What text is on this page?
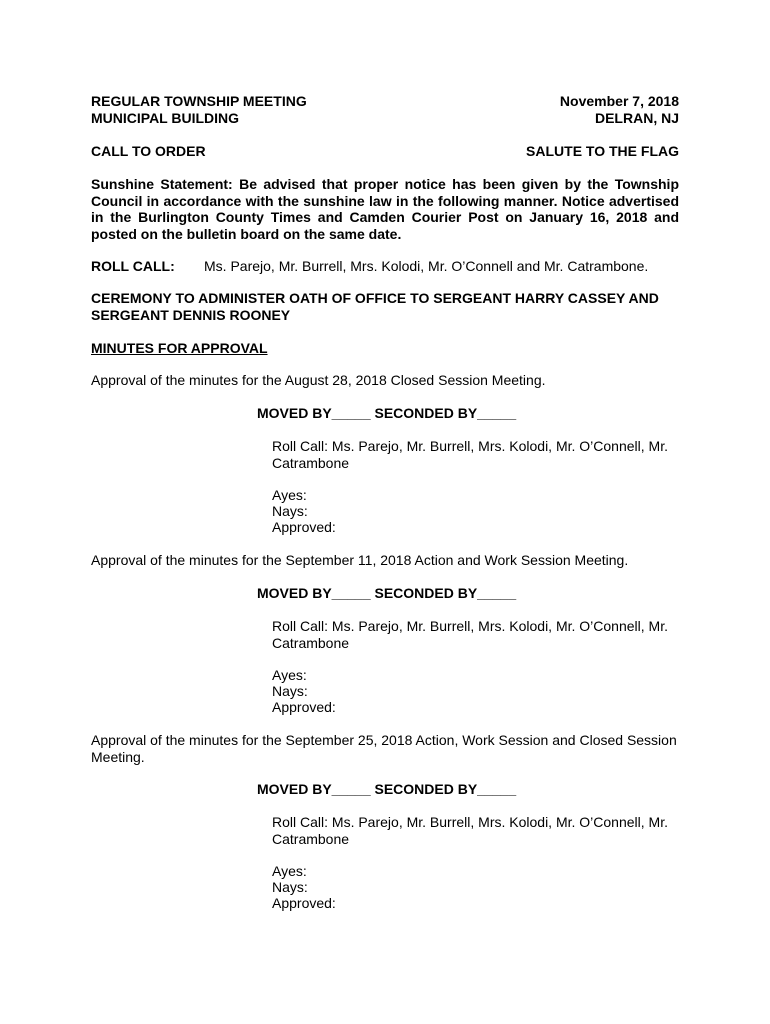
REGULAR TOWNSHIP MEETING	November 7, 2018
MUNICIPAL BUILDING	DELRAN, NJ
CALL TO ORDER	SALUTE TO THE FLAG
Sunshine Statement: Be advised that proper notice has been given by the Township Council in accordance with the sunshine law in the following manner. Notice advertised in the Burlington County Times and Camden Courier Post on January 16, 2018 and posted on the bulletin board on the same date.
ROLL CALL: Ms. Parejo, Mr. Burrell, Mrs. Kolodi, Mr. O’Connell and Mr. Catrambone.
CEREMONY TO ADMINISTER OATH OF OFFICE TO SERGEANT HARRY CASSEY AND SERGEANT DENNIS ROONEY
MINUTES FOR APPROVAL
Approval of the minutes for the August 28, 2018 Closed Session Meeting.
MOVED BY_____ SECONDED BY_____
Roll Call: Ms. Parejo, Mr. Burrell, Mrs. Kolodi, Mr. O’Connell, Mr. Catrambone
Ayes:
Nays:
Approved:
Approval of the minutes for the September 11, 2018 Action and Work Session Meeting.
MOVED BY_____ SECONDED BY_____
Roll Call: Ms. Parejo, Mr. Burrell, Mrs. Kolodi, Mr. O’Connell, Mr. Catrambone
Ayes:
Nays:
Approved:
Approval of the minutes for the September 25, 2018 Action, Work Session and Closed Session Meeting.
MOVED BY_____ SECONDED BY_____
Roll Call: Ms. Parejo, Mr. Burrell, Mrs. Kolodi, Mr. O’Connell, Mr. Catrambone
Ayes:
Nays:
Approved:
